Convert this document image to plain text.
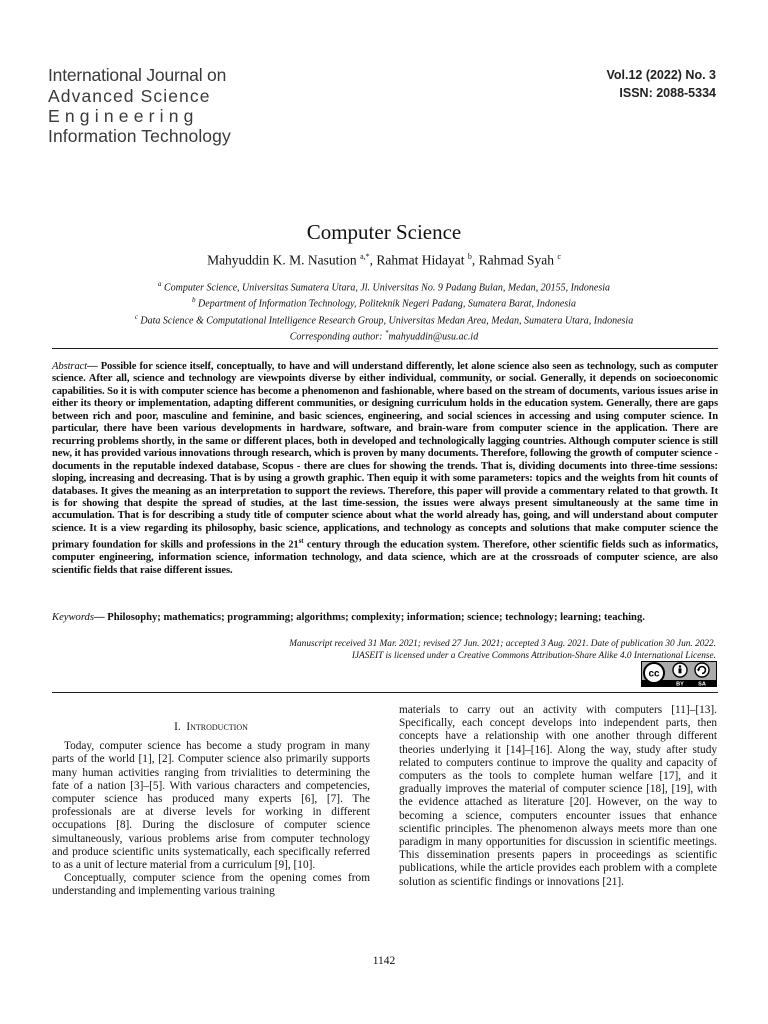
International Journal on
Advanced Science
Engineering
Information Technology
Vol.12 (2022) No. 3
ISSN: 2088-5334
Computer Science
Mahyuddin K. M. Nasution $^{a,*}$, Rahmat Hidayat $^b$, Rahmad Syah $^c$
$^a$ Computer Science, Universitas Sumatera Utara, Jl. Universitas No. 9 Padang Bulan, Medan, 20155, Indonesia
$^b$ Department of Information Technology, Politeknik Negeri Padang, Sumatera Barat, Indonesia
$^c$ Data Science & Computational Intelligence Research Group, Universitas Medan Area, Medan, Sumatera Utara, Indonesia
Corresponding author: *mahyuddin@usu.ac.id
Abstract— Possible for science itself, conceptually, to have and will understand differently, let alone science also seen as technology, such as computer science. After all, science and technology are viewpoints diverse by either individual, community, or social. Generally, it depends on socioeconomic capabilities. So it is with computer science has become a phenomenon and fashionable, where based on the stream of documents, various issues arise in either its theory or implementation, adapting different communities, or designing curriculum holds in the education system. Generally, there are gaps between rich and poor, masculine and feminine, and basic sciences, engineering, and social sciences in accessing and using computer science. In particular, there have been various developments in hardware, software, and brain-ware from computer science in the application. There are recurring problems shortly, in the same or different places, both in developed and technologically lagging countries. Although computer science is still new, it has provided various innovations through research, which is proven by many documents. Therefore, following the growth of computer science - documents in the reputable indexed database, Scopus - there are clues for showing the trends. That is, dividing documents into three-time sessions: sloping, increasing and decreasing. That is by using a growth graphic. Then equip it with some parameters: topics and the weights from hit counts of databases. It gives the meaning as an interpretation to support the reviews. Therefore, this paper will provide a commentary related to that growth. It is for showing that despite the spread of studies, at the last time-session, the issues were always present simultaneously at the same time in accumulation. That is for describing a study title of computer science about what the world already has, going, and will understand about computer science. It is a view regarding its philosophy, basic science, applications, and technology as concepts and solutions that make computer science the primary foundation for skills and professions in the 21st century through the education system. Therefore, other scientific fields such as informatics, computer engineering, information science, information technology, and data science, which are at the crossroads of computer science, are also scientific fields that raise different issues.
Keywords— Philosophy; mathematics; programming; algorithms; complexity; information; science; technology; learning; teaching.
Manuscript received 31 Mar. 2021; revised 27 Jun. 2021; accepted 3 Aug. 2021. Date of publication 30 Jun. 2022.
IJASEIT is licensed under a Creative Commons Attribution-Share Alike 4.0 International License.
cc
BY	SA
I. Introduction

Today, computer science has become a study program in many parts of the world [1], [2]. Computer science also primarily supports many human activities ranging from trivialities to determining the fate of a nation [3]–[5]. With various characters and competencies, computer science has produced many experts [6], [7]. The professionals are at diverse levels for working in different occupations [8]. During the disclosure of computer science simultaneously, various problems arise from computer technology and produce scientific units systematically, each specifically referred to as a unit of lecture material from a curriculum [9], [10].

Conceptually, computer science from the opening comes from understanding and implementing various training

materials to carry out an activity with computers [11]–[13]. Specifically, each concept develops into independent parts, then concepts have a relationship with one another through different theories underlying it [14]–[16]. Along the way, study after study related to computers continue to improve the quality and capacity of computers as the tools to complete human welfare [17], and it gradually improves the material of computer science [18], [19], with the evidence attached as literature [20]. However, on the way to becoming a science, computers encounter issues that enhance scientific principles. The phenomenon always meets more than one paradigm in many opportunities for discussion in scientific meetings. This dissemination presents papers in proceedings as scientific publications, while the article provides each problem with a complete solution as scientific findings or innovations [21].

1142
